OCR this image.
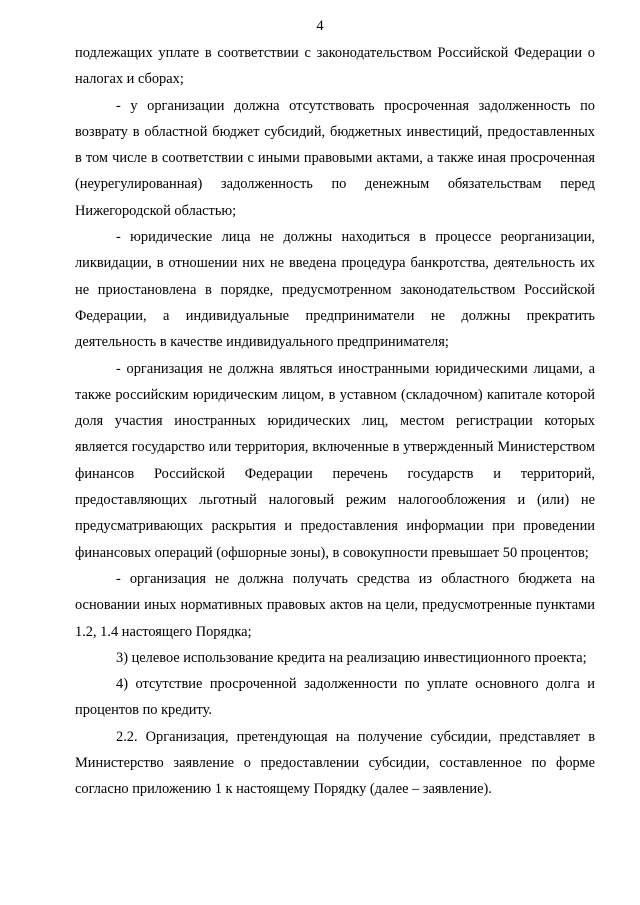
4

подлежащих уплате в соответствии с законодательством Российской Федерации о налогах и сборах;

- у организации должна отсутствовать просроченная задолженность по возврату в областной бюджет субсидий, бюджетных инвестиций, предоставленных в том числе в соответствии с иными правовыми актами, а также иная просроченная (неурегулированная) задолженность по денежным обязательствам перед Нижегородской областью;

- юридические лица не должны находиться в процессе реорганизации, ликвидации, в отношении них не введена процедура банкротства, деятельность их не приостановлена в порядке, предусмотренном законодательством Российской Федерации, а индивидуальные предприниматели не должны прекратить деятельность в качестве индивидуального предпринимателя;

- организация не должна являться иностранными юридическими лицами, а также российским юридическим лицом, в уставном (складочном) капитале которой доля участия иностранных юридических лиц, местом регистрации которых является государство или территория, включенные в утвержденный Министерством финансов Российской Федерации перечень государств и территорий, предоставляющих льготный налоговый режим налогообложения и (или) не предусматривающих раскрытия и предоставления информации при проведении финансовых операций (офшорные зоны), в совокупности превышает 50 процентов;

- организация не должна получать средства из областного бюджета на основании иных нормативных правовых актов на цели, предусмотренные пунктами 1.2, 1.4 настоящего Порядка;

3) целевое использование кредита на реализацию инвестиционного проекта;

4) отсутствие просроченной задолженности по уплате основного долга и процентов по кредиту.

2.2. Организация, претендующая на получение субсидии, представляет в Министерство заявление о предоставлении субсидии, составленное по форме согласно приложению 1 к настоящему Порядку (далее – заявление).
